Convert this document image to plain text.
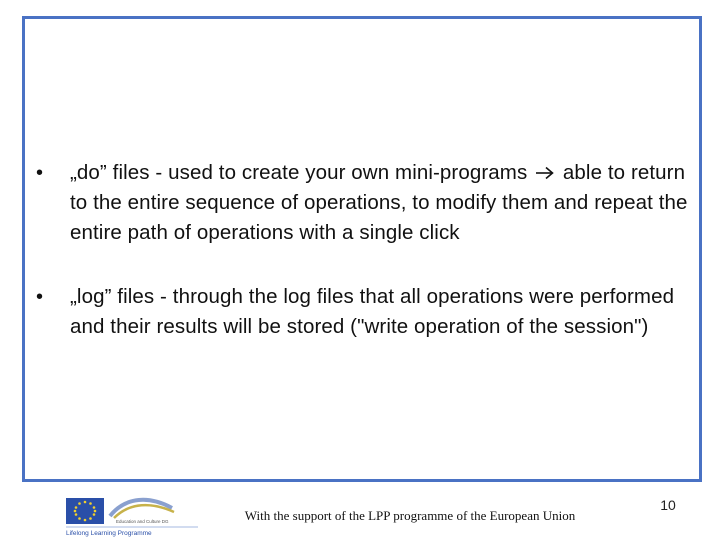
•	„do” files - used to create your own mini-programs able to return to the entire sequence of operations, to modify them and repeat the entire path of operations with a single click
•	„log” files - through the log files that all operations were performed and their results will be stored ("write operation of the session")
Education and Culture DG
Lifelong Learning Programme
With the support of the LPP programme of the European Union
10
